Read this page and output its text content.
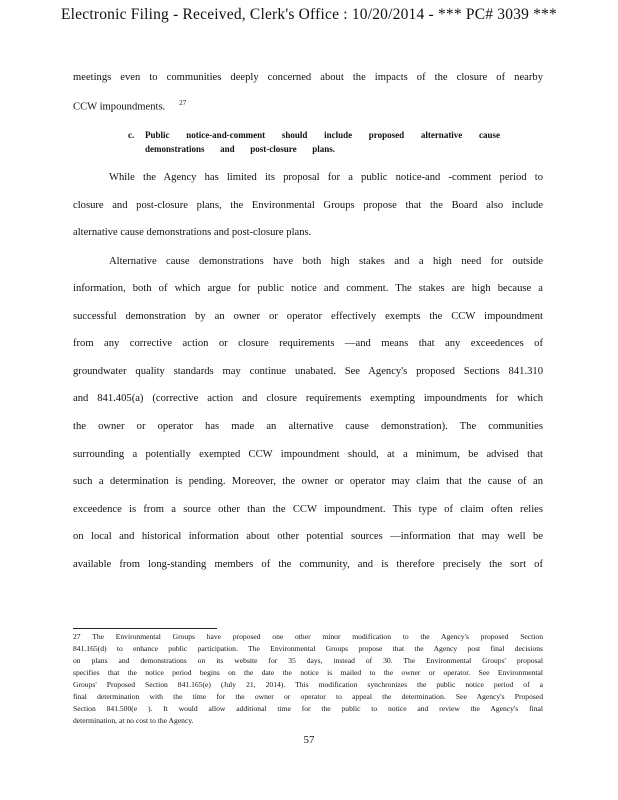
Electronic Filing - Received, Clerk's Office : 10/20/2014 - *** PC# 3039 ***
meetings even to communities deeply concerned about the impacts of the closure of nearby
CCW impoundments. $^{27}$
c. Public notice-and-comment should include proposed alternative cause
demonstrations and post-closure plans.
While the Agency has limited its proposal for a public notice-and -comment period to
closure and post-closure plans, the Environmental Groups propose that the Board also include
alternative cause demonstrations and post-closure plans.
Alternative cause demonstrations have both high stakes and a high need for outside
information, both of which argue for public notice and comment. The stakes are high because a
successful demonstration by an owner or operator effectively exempts the CCW impoundment
from any corrective action or closure requirements —and means that any exceedences of
groundwater quality standards may continue unabated. See Agency's proposed Sections 841.310
and 841.405(a) (corrective action and closure requirements exempting impoundments for which
the owner or operator has made an alternative cause demonstration). The communities
surrounding a potentially exempted CCW impoundment should, at a minimum, be advised that
such a determination is pending. Moreover, the owner or operator may claim that the cause of an
exceedence is from a source other than the CCW impoundment. This type of claim often relies
on local and historical information about other potential sources —information that may well be
available from long-standing members of the community, and is therefore precisely the sort of
27 The Environmental Groups have proposed one other minor modification to the Agency's proposed Section
841.165(d) to enhance public participation. The Environmental Groups propose that the Agency post final decisions
on plans and demonstrations on its website for 35 days, instead of 30. The Environmental Groups' proposal
specifies that the notice period begins on the date the notice is mailed to the owner or operator. See Environmental
Groups' Proposed Section 841.165(e) (July 21, 2014). This modification synchronizes the public notice period of a
final determination with the time for the owner or operator to appeal the determination. See Agency's Proposed
Section 841.500(e ). It would allow additional time for the public to notice and review the Agency's final
determination, at no cost to the Agency.
57
